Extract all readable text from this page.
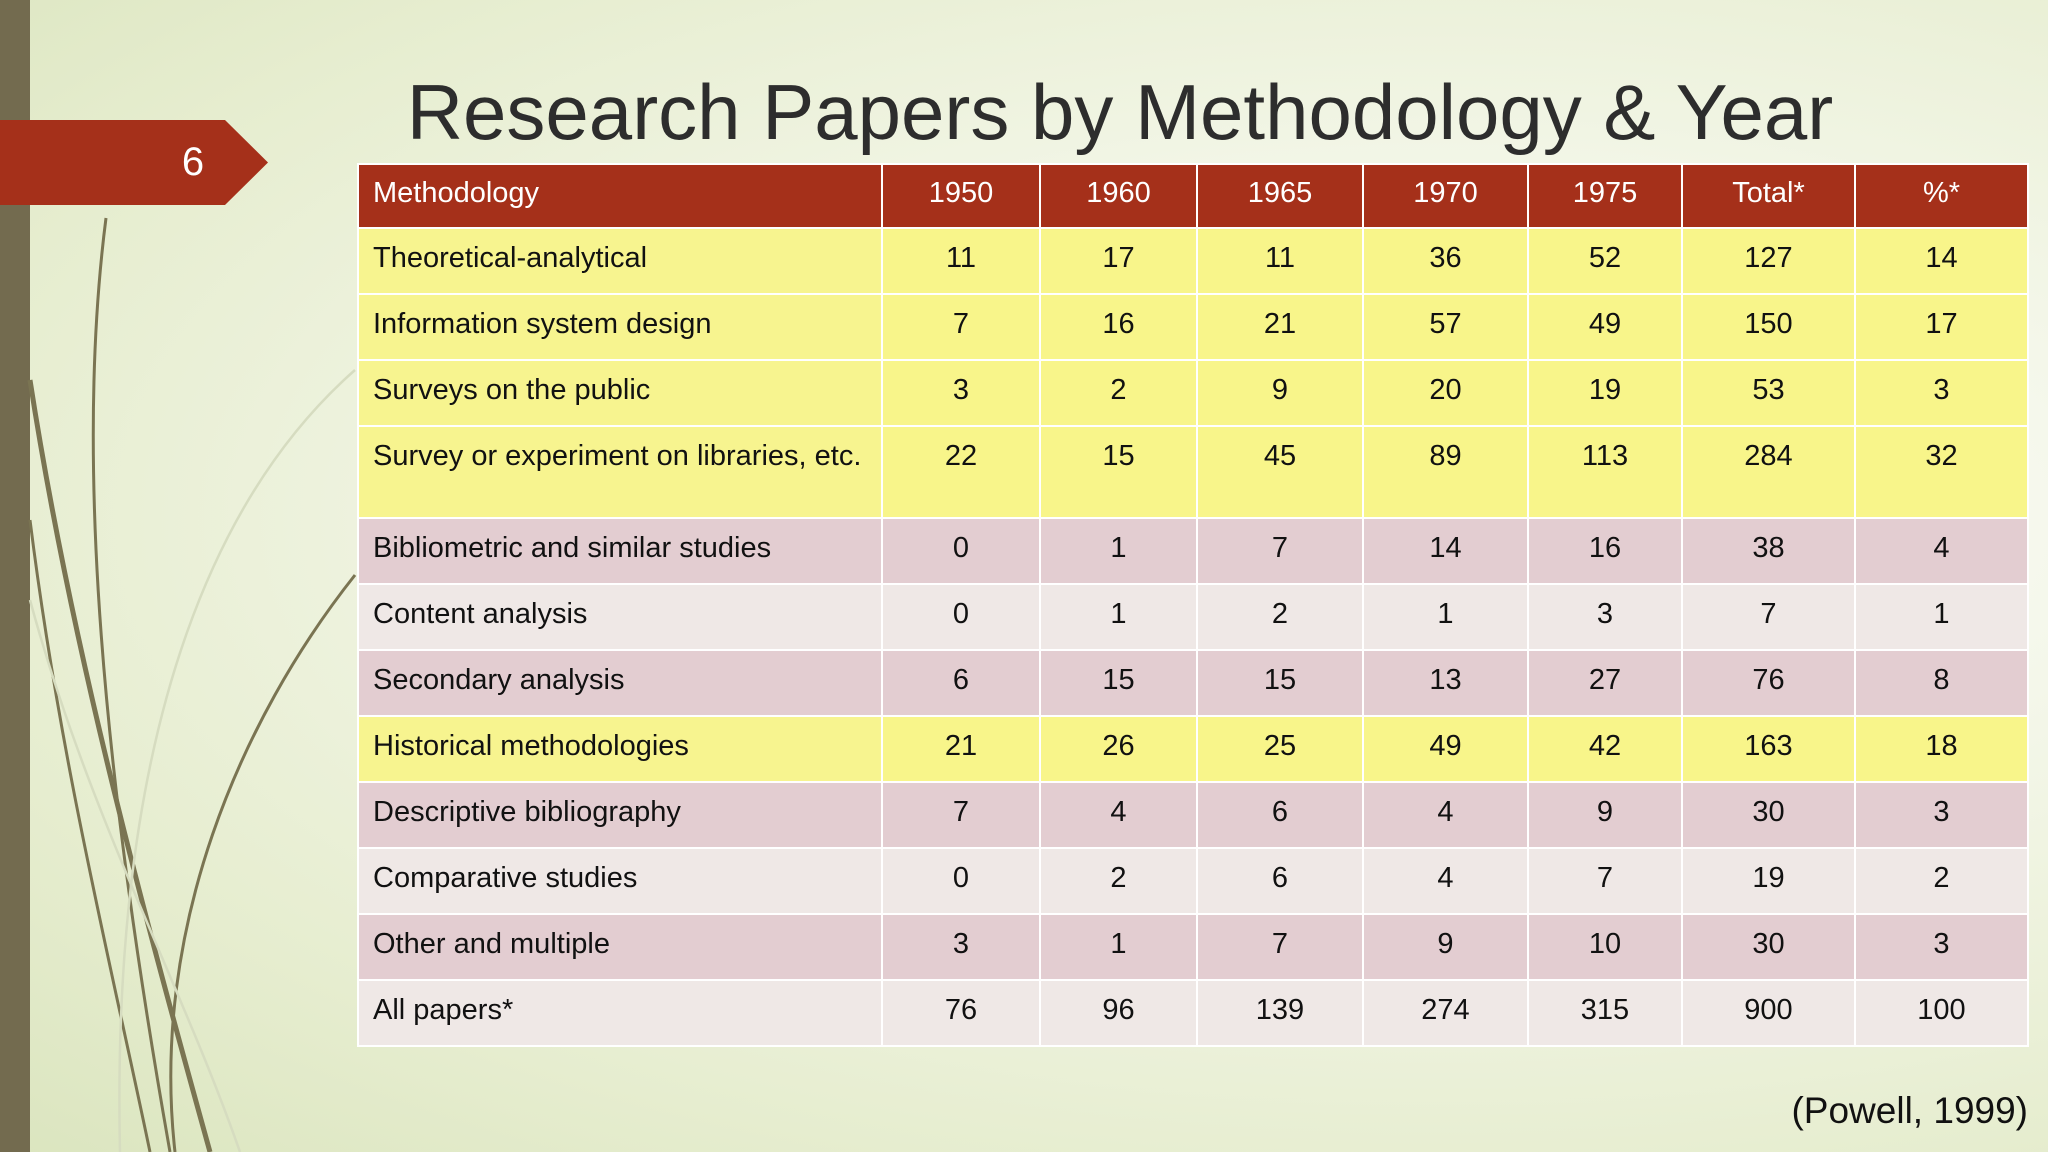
6
Research Papers by Methodology & Year
Methodology	1950	1960	1965	1970	1975	Total*	%*
Theoretical-analytical	11	17	11	36	52	127	14
Information system design	7	16	21	57	49	150	17
Surveys on the public	3	2	9	20	19	53	3
Survey or experiment on libraries, etc.	22	15	45	89	113	284	32
Bibliometric and similar studies	0	1	7	14	16	38	4
Content analysis	0	1	2	1	3	7	1
Secondary analysis	6	15	15	13	27	76	8
Historical methodologies	21	26	25	49	42	163	18
Descriptive bibliography	7	4	6	4	9	30	3
Comparative studies	0	2	6	4	7	19	2
Other and multiple	3	1	7	9	10	30	3
All papers*	76	96	139	274	315	900	100
(Powell, 1999)
